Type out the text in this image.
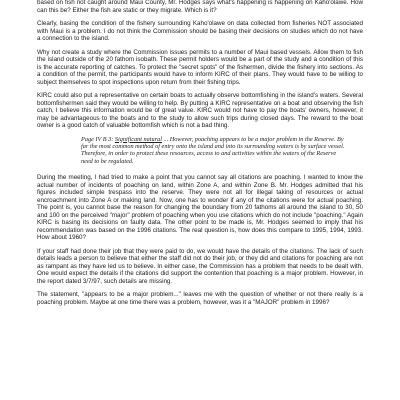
based on fish not caught around Maui County, Mr. Hodges says what's happening is happening on Kaho'olawe. How can this be? Either the fish are static or they migrate. Which is it?

Clearly, basing the condition of the fishery surrounding Kaho'olawe on data collected from fisheries NOT associated with Maui is a problem. I do not think the Commission should be basing their decisions on studies which do not have a connection to the island.

Why not create a study where the Commission issues permits to a number of Maui based vessels. Allow them to fish the island outside of the 20 fathom isobath. These permit holders would be a part of the study and a condition of this is the accurate reporting of catches. To protect the "secret spots" of the fishermen, divide the fishery into sections. As a condition of the permit, the participants would have to inform KIRC of their plans. They would have to be willing to subject themselves to spot inspections upon return from their fishing trips.

KIRC could also put a representative on certain boats to actually observe bottomfishing in the island's waters. Several bottomfishermen said they would be willing to help. By putting a KIRC representative on a boat and observing the fish catch, I believe this information would be of great value. KIRC would not have to pay the boats' owners, however, it may be advantageous to the boats and to the study to allow such trips during closed days. The reward to the boat owner is a good catch of valuable bottomfish which is not a bad thing.

Page IV B 3: Significant natural ... However, poaching appears to be a major problem in the Reserve. By far the most common method of entry onto the island and into its surrounding waters is by surface vessel. Therefore, in order to protect these resources, access to and activities within the waters of the Reserve need to be regulated.

During the meeting, I had tried to make a point that you cannot say all citations are poaching. I wanted to know the actual number of incidents of poaching on land, within Zone A, and within Zone B. Mr. Hodges admitted that his figures included simple trespass into the reserve. They were not all for illegal taking of resources or actual encroachment into Zone A or making land. Now, one has to wonder if any of the citations were for actual poaching. The point is, you cannot base the reason for changing the boundary from 20 fathoms all around the island to 30, 50 and 100 on the perceived "major" problem of poaching when you use citations which do not include "poaching." Again KIRC is basing its decisions on faulty data. The other point to be made is, Mr. Hodges seemed to imply that his recommendation was based on the 1996 citations. The real question is, how does this compare to 1995, 1994, 1993. How about 1960?

If your staff had done their job that they were paid to do, we would have the details of the citations. The lack of such details leads a person to believe that either the staff did not do their job, or they did and citations for poaching are not as rampant as they have led us to believe. In either case, the Commission has a problem that needs to be dealt with. One would expect the details if the citations did support the contention that poaching is a major problem. However, in the report dated 3/7/97, such details are missing.

The statement, "appears to be a major problem..." leaves me with the question of whether or not there really is a poaching problem. Maybe at one time there was a problem, however, was it a "MAJOR" problem in 1996?
